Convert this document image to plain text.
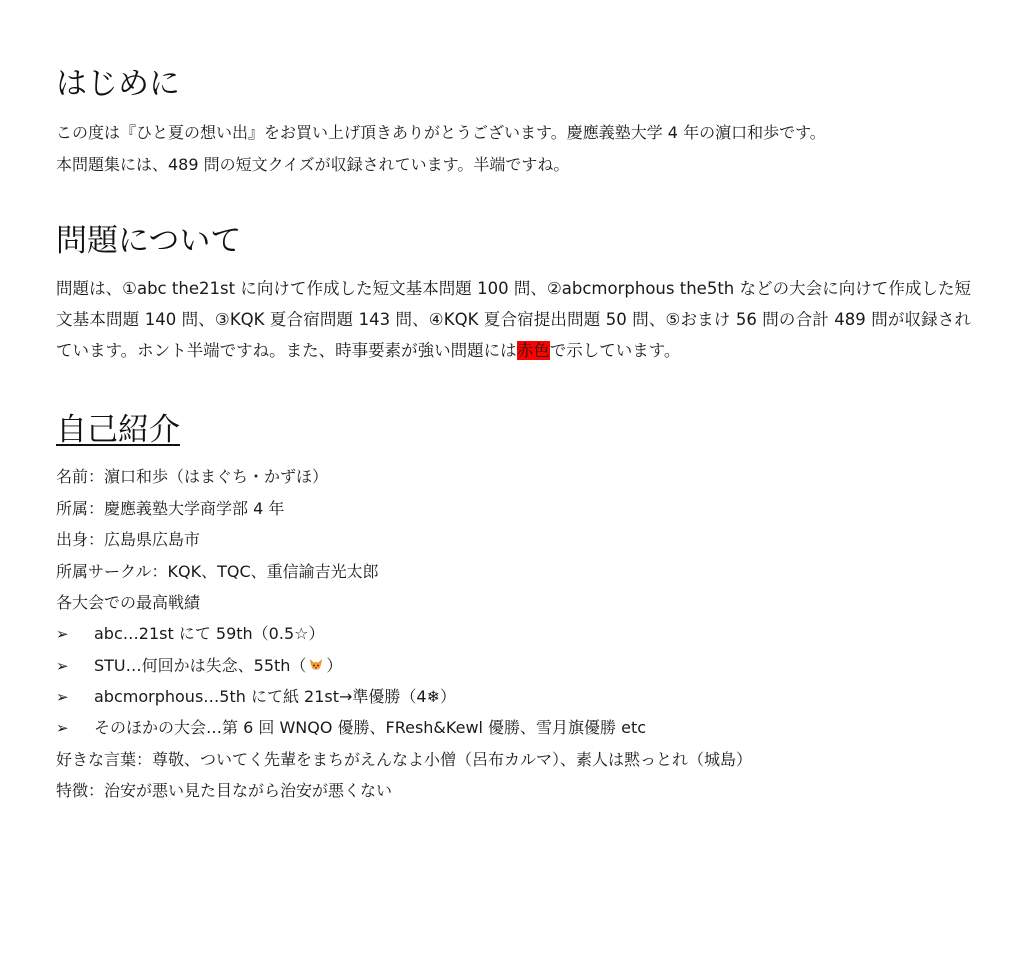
はじめに
この度は『ひと夏の想い出』をお買い上げ頂きありがとうございます。慶應義塾大学 4 年の濵口和歩です。
本問題集には、489 問の短文クイズが収録されています。半端ですね。
問題について
問題は、①abc the21st に向けて作成した短文基本問題 100 問、②abcmorphous the5th などの大会に向けて作成した短文基本問題 140 問、③KQK 夏合宿問題 143 問、④KQK 夏合宿提出問題 50 問、⑤おまけ 56 問の合計 489 問が収録されています。ホント半端ですね。また、時事要素が強い問題には赤色で示しています。
自己紹介
名前：濵口和歩（はまぐち・かずほ）
所属：慶應義塾大学商学部 4 年
出身：広島県広島市
所属サークル：KQK、TQC、重信諭吉光太郎
各大会での最高戦績
➢ abc…21st にて 59th（0.5☆）
➢ STU…何回かは失念、55th（ ）
➢ abcmorphous…5th にて紙 21st→準優勝（4❄）
➢ そのほかの大会…第 6 回 WNQO 優勝、FResh&Kewl 優勝、雪月旗優勝 etc
好きな言葉：尊敬、ついてく先輩をまちがえんなよ小僧（呂布カルマ）、素人は黙っとれ（城島）
特徴：治安が悪い見た目ながら治安が悪くない
